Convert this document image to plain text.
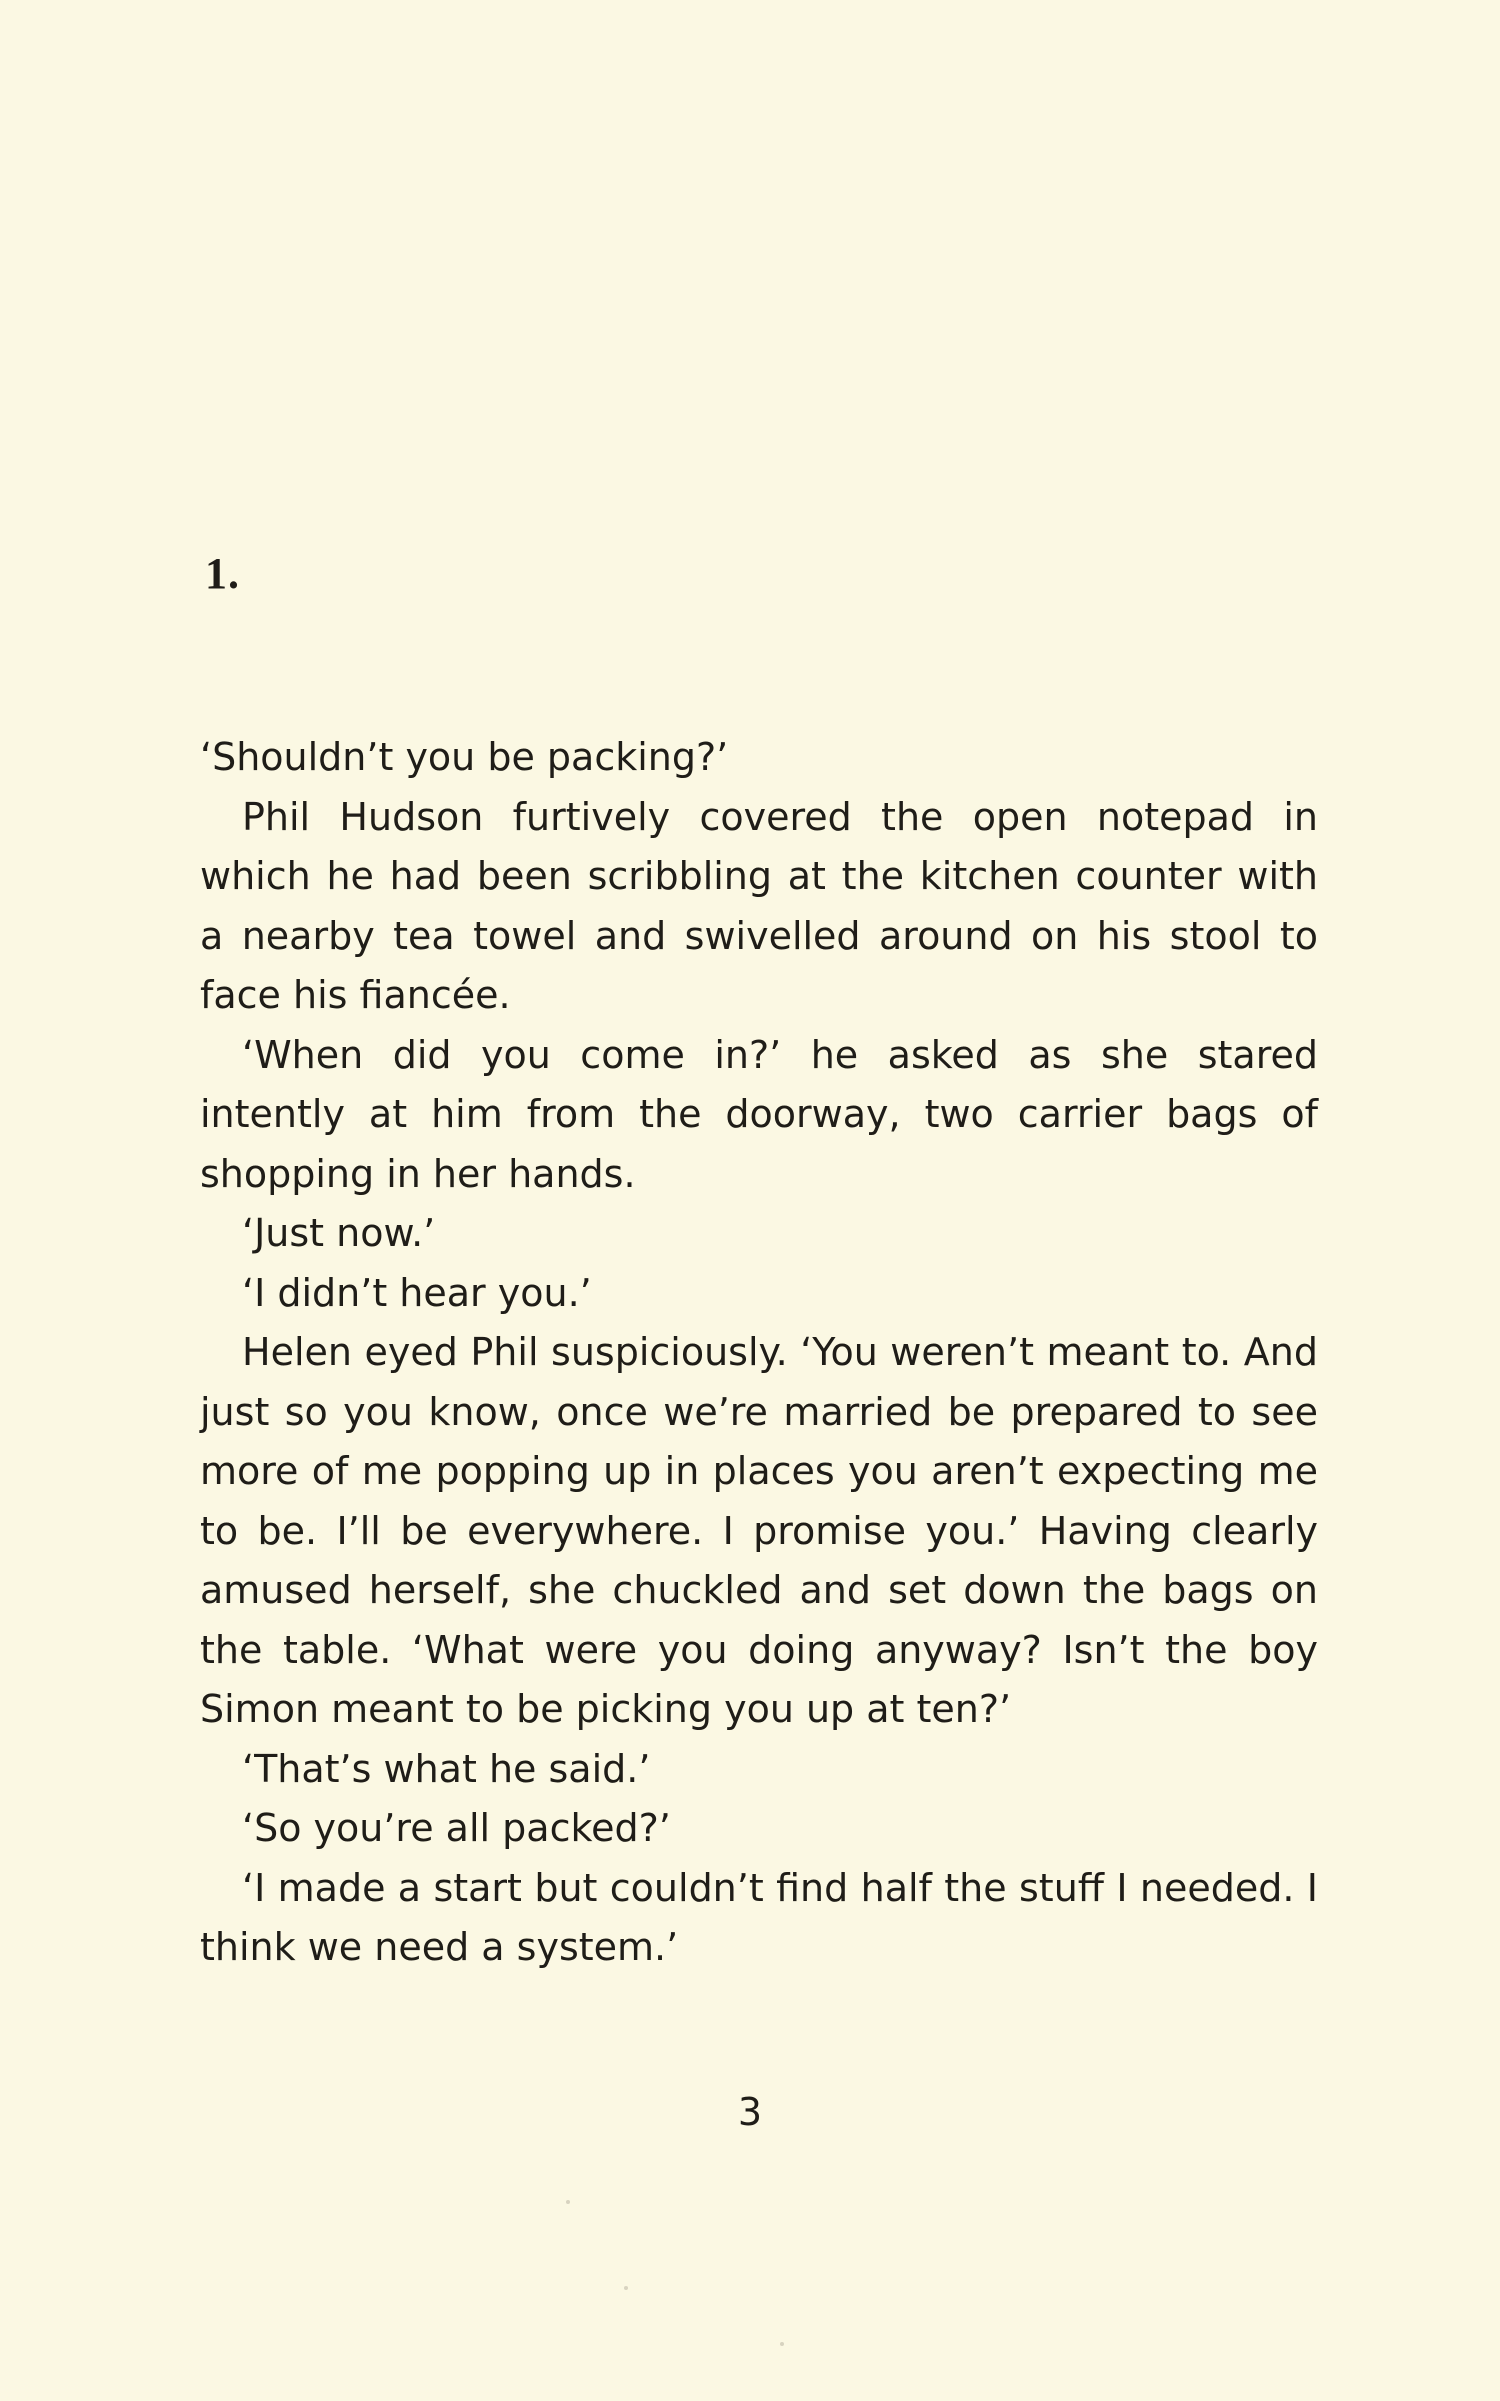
1.

‘Shouldn’t you be packing?’

Phil Hudson furtively covered the open notepad in which he had been scribbling at the kitchen counter with a nearby tea towel and swivelled around on his stool to face his fiancée.

‘When did you come in?’ he asked as she stared intently at him from the doorway, two carrier bags of shopping in her hands.

‘Just now.’

‘I didn’t hear you.’

Helen eyed Phil suspiciously. ‘You weren’t meant to. And just so you know, once we’re married be prepared to see more of me popping up in places you aren’t expecting me to be. I’ll be everywhere. I promise you.’ Having clearly amused herself, she chuckled and set down the bags on the table. ‘What were you doing anyway? Isn’t the boy Simon meant to be picking you up at ten?’

‘That’s what he said.’

‘So you’re all packed?’

‘I made a start but couldn’t find half the stuff I needed. I think we need a system.’

3
